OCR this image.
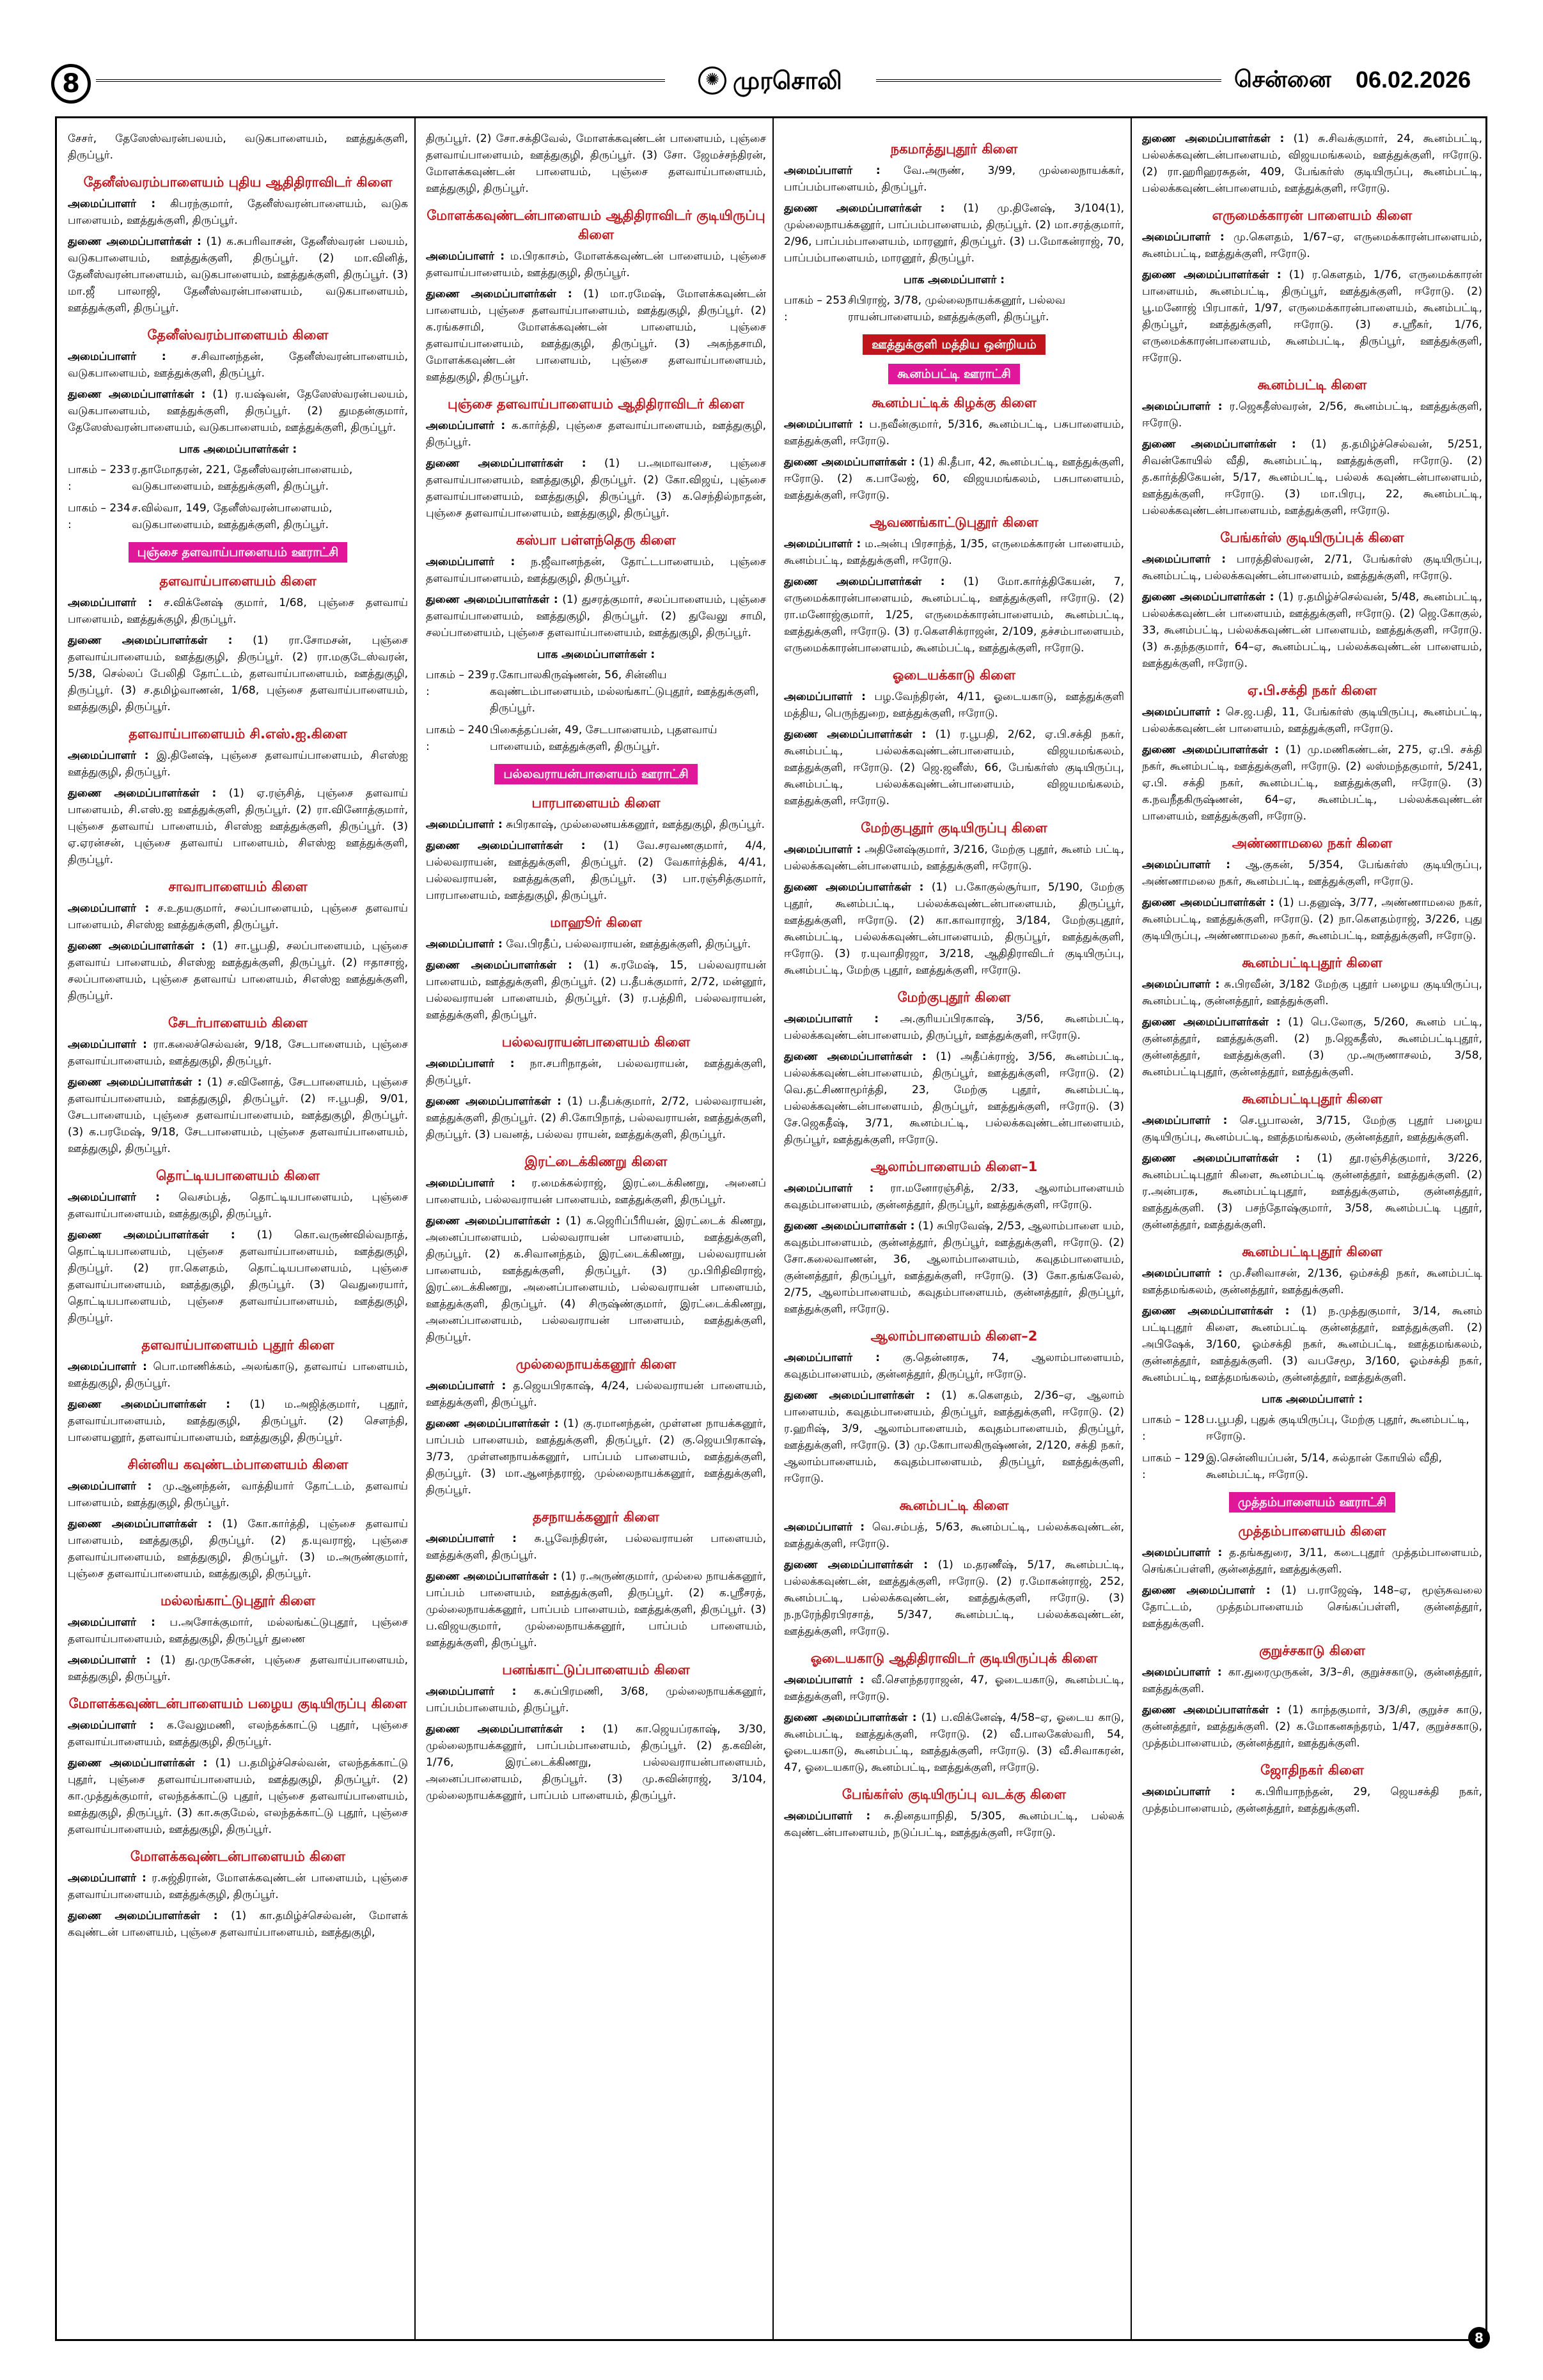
8	✺ முரசொலி	சென்னை 06.02.2026
சேசர், தேஸேஸ்வரன்பலயம், வடுகபாளையம், ஊத்துக்குளி, திருப்பூர்.
தேனீஸ்வரம்பாளையம் புதிய ஆதிதிராவிடர் கிளை
அமைப்பாளர் : கிபரந்குமார், தேனீஸ்வரன்பாளையம், வடுக பாளையம், ஊத்துக்குளி, திருப்பூர்.
துணை அமைப்பாளர்கள் : (1) க.சுபரிவாசன், தேனீஸ்வரன் பலயம், வடுகபாளையம், ஊத்துக்குளி, திருப்பூர். (2) மா.வினித், தேனீஸ்வரன்பாளையம், வடுகபாளையம், ஊத்துக்குளி, திருப்பூர். (3) மா.ஜீ பாலாஜி, தேனீஸ்வரன்பாளையம், வடுகபாளையம், ஊத்துக்குளி, திருப்பூர்.
தேனீஸ்வரம்பாளையம் கிளை
அமைப்பாளர் : ச.சிவானந்தன், தேனீஸ்வரன்பாளையம், வடுகபாளையம், ஊத்துக்குளி, திருப்பூர்.
துணை அமைப்பாளர்கள் : (1) ர.யஷ்வன், தேஸேஸ்வரன்பலயம், வடுகபாளையம், ஊத்துக்குளி, திருப்பூர். (2) துமதன்குமார், தேஸேஸ்வரன்பாளையம், வடுகபாளையம், ஊத்துக்குளி, திருப்பூர்.
பாக அமைப்பாளர்கள் :
பாகம் – 233 :
ர.தாமோதரன், 221, தேனீஸ்வரன்பாளையம், வடுகபாளையம், ஊத்துக்குளி, திருப்பூர்.
பாகம் – 234 :
ச.வில்வா, 149, தேனீஸ்வரன்பாளையம், வடுகபாளையம், ஊத்துக்குளி, திருப்பூர்.
புஞ்சை தளவாய்பாளையம் ஊராட்சி
தளவாய்பாளையம் கிளை
அமைப்பாளர் : ச.விக்னேஷ் குமார், 1/68, புஞ்சை தளவாய் பாளையம், ஊத்துக்குழி, திருப்பூர்.
துணை அமைப்பாளர்கள் : (1) ரா.சோமசன், புஞ்சை தளவாய்பாளையம், ஊத்துகுழி, திருப்பூர். (2) ரா.மகுடேஸ்வரன், 5/38, செல்லப் பேலிதி தோட்டம், தளவாய்பாளையம், ஊத்துகுழி, திருப்பூர். (3) ச.தமிழ்வாணன், 1/68, புஞ்சை தளவாய்பாளையம், ஊத்துகுழி, திருப்பூர்.
தளவாய்பாளையம் சி.எஸ்.ஐ.கிளை
அமைப்பாளர் : இ.தினேஷ், புஞ்சை தளவாய்பாளையம், சிஎஸ்ஐ ஊத்துகுழி, திருப்பூர்.
துணை அமைப்பாளர்கள் : (1) ஏ.ரஞ்சித், புஞ்சை தளவாய் பாளையம், சி.எஸ்.ஐ ஊத்துக்குளி, திருப்பூர். (2) ரா.வினோத்குமார், புஞ்சை தளவாய் பாளையம், சிஎஸ்ஐ ஊத்துக்குளி, திருப்பூர். (3) ஏ.ஏரன்சன், புஞ்சை தளவாய் பாளையம், சிஎஸ்ஐ ஊத்துக்குளி, திருப்பூர்.
சாவாபாளையம் கிளை
அமைப்பாளர் : ச.உதயகுமார், சலப்பாளையம், புஞ்சை தளவாய் பாளையம், சிஎஸ்ஐ ஊத்துக்குளி, திருப்பூர்.
துணை அமைப்பாளர்கள் : (1) சா.பூபதி, சலப்பாளையம், புஞ்சை தளவாய் பாளையம், சிஎஸ்ஐ ஊத்துக்குளி, திருப்பூர். (2) ஈதாசாஜ், சலப்பாளையம், புஞ்சை தளவாய் பாளையம், சிஎஸ்ஐ ஊத்துக்குளி, திருப்பூர்.
சேடர்பாளையம் கிளை
அமைப்பாளர் : ரா.கலைச்செல்வன், 9/18, சேடபாளையம், புஞ்சை தளவாய்பாளையம், ஊத்துகுழி, திருப்பூர்.
துணை அமைப்பாளர்கள் : (1) ச.வினோத், சேடபாளையம், புஞ்சை தளவாய்பாளையம், ஊத்துகுழி, திருப்பூர். (2) ஈ.பூபதி, 9/01, சேடபாளையம், புஞ்சை தளவாய்பாளையம், ஊத்துகுழி, திருப்பூர். (3) க.பரமேஷ், 9/18, சேடபாளையம், புஞ்சை தளவாய்பாளையம், ஊத்துகுழி, திருப்பூர்.
தொட்டியபாளையம் கிளை
அமைப்பாளர் : வெசம்பத், தொட்டியபாளையம், புஞ்சை தளவாய்பாளையம், ஊத்துகுழி, திருப்பூர்.
துணை அமைப்பாளர்கள் : (1) கொ.வருண்வில்வநாத், தொட்டியபாளையம், புஞ்சை தளவாய்பாளையம், ஊத்துகுழி, திருப்பூர். (2) ரா.கௌதம், தொட்டியபாளையம், புஞ்சை தளவாய்பாளையம், ஊத்துகுழி, திருப்பூர். (3) வெதுரையார், தொட்டியபாளையம், புஞ்சை தளவாய்பாளையம், ஊத்துகுழி, திருப்பூர்.
தளவாய்பாளையம் புதூர் கிளை
அமைப்பாளர் : பொ.மாணிக்கம், அலங்காடு, தளவாய் பாளையம், ஊத்துகுழி, திருப்பூர்.
துணை அமைப்பாளர்கள் : (1) ம.அஜித்குமார், புதூர், தளவாய்பாளையம், ஊத்துகுழி, திருப்பூர். (2) சௌந்தி, பாளையனூர், தளவாய்பாளையம், ஊத்துகுழி, திருப்பூர்.
சின்னிய கவுண்டம்பாளையம் கிளை
அமைப்பாளர் : மு.ஆனந்தன், வாத்தியார் தோட்டம், தளவாய் பாளையம், ஊத்துகுழி, திருப்பூர்.
துணை அமைப்பாளர்கள் : (1) கோ.கார்த்தி, புஞ்சை தளவாய் பாளையம், ஊத்துகுழி, திருப்பூர். (2) த.யுவராஜ், புஞ்சை தளவாய்பாளையம், ஊத்துகுழி, திருப்பூர். (3) ம.அருண்குமார், புஞ்சை தளவாய்பாளையம், ஊத்துகுழி, திருப்பூர்.
மல்லங்காட்டுபுதூர் கிளை
அமைப்பாளர் : ப.அசோக்குமார், மல்லங்கட்டுபுதூர், புஞ்சை தளவாய்பாளையம், ஊத்துகுழி, திருப்பூர் துணை
அமைப்பாளர் : (1) து.முருகேசன், புஞ்சை தளவாய்பாளையம், ஊத்துகுழி, திருப்பூர்.
மோளக்கவுண்டன்பாளையம் பழைய குடியிருப்பு கிளை
அமைப்பாளர் : க.வேலுமணி, எலந்தக்காட்டு புதூர், புஞ்சை தளவாய்பாளையம், ஊத்துகுழி, திருப்பூர்.
துணை அமைப்பாளர்கள் : (1) ப.தமிழ்ச்செல்வன், எலந்தக்காட்டு புதூர், புஞ்சை தளவாய்பாளையம், ஊத்துகுழி, திருப்பூர். (2) கா.முத்துக்குமார், எலந்தக்காட்டு புதூர், புஞ்சை தளவாய்பாளையம், ஊத்துகுழி, திருப்பூர். (3) கா.சுகுமேல், எலந்தக்காட்டு புதூர், புஞ்சை தளவாய்பாளையம், ஊத்துகுழி, திருப்பூர்.
மோளக்கவுண்டன்பாளையம் கிளை
அமைப்பாளர் : ர.சுஜ்திரான், மோளக்கவுண்டன் பாளையம், புஞ்சை தளவாய்பாளையம், ஊத்துக்குழி, திருப்பூர்.
துணை அமைப்பாளர்கள் : (1) கா.தமிழ்ச்செல்வன், மோளக் கவுண்டன் பாளையம், புஞ்சை தளவாய்பாளையம், ஊத்துகுழி,
திருப்பூர். (2) சோ.சக்திவேல், மோளக்கவுண்டன் பாளையம், புஞ்சை தளவாய்பாளையம், ஊத்துகுழி, திருப்பூர். (3) சோ. ஜேமச்சந்திரன், மோளக்கவுண்டன் பாளையம், புஞ்சை தளவாய்பாளையம், ஊத்துகுழி, திருப்பூர்.
மோளக்கவுண்டன்பாளையம் ஆதிதிராவிடர் குடியிருப்பு கிளை
அமைப்பாளர் : ம.பிரகாசம், மோளக்கவுண்டன் பாளையம், புஞ்சை தளவாய்பாளையம், ஊத்துகுழி, திருப்பூர்.
துணை அமைப்பாளர்கள் : (1) மா.ரமேஷ், மோளக்கவுண்டன் பாளையம், புஞ்சை தளவாய்பாளையம், ஊத்துகுழி, திருப்பூர். (2) க.ரங்கசாமி, மோளக்கவுண்டன் பாளையம், புஞ்சை தளவாய்பாளையம், ஊத்துகுழி, திருப்பூர். (3) அகந்தசாமி, மோளக்கவுண்டன் பாளையம், புஞ்சை தளவாய்பாளையம், ஊத்துகுழி, திருப்பூர்.
புஞ்சை தளவாய்பாளையம் ஆதிதிராவிடர் கிளை
அமைப்பாளர் : க.கார்த்தி, புஞ்சை தளவாய்பாளையம், ஊத்துகுழி, திருப்பூர்.
துணை அமைப்பாளர்கள் : (1) ப.அமாவாசை, புஞ்சை தளவாய்பாளையம், ஊத்துகுழி, திருப்பூர். (2) கோ.விஜய், புஞ்சை தளவாய்பாளையம், ஊத்துகுழி, திருப்பூர். (3) க.செந்தில்நாதன், புஞ்சை தளவாய்பாளையம், ஊத்துகுழி, திருப்பூர்.
கஸ்பா பள்ளந்தெரு கிளை
அமைப்பாளர் : ந.ஜீவானந்தன், தோட்டபாளையம், புஞ்சை தளவாய்பாளையம், ஊத்துகுழி, திருப்பூர்.
துணை அமைப்பாளர்கள் : (1) துசரத்குமார், சலப்பாளையம், புஞ்சை தளவாய்பாளையம், ஊத்துகுழி, திருப்பூர். (2) துவேலு சாமி, சலப்பாளையம், புஞ்சை தளவாய்பாளையம், ஊத்துகுழி, திருப்பூர்.
பாக அமைப்பாளர்கள் :
பாகம் – 239 :
ர.கோபாலகிருஷ்ணன், 56, சின்னிய கவுண்டம்பாளையம், மல்லங்காட்டுபுதூர், ஊத்துக்குளி, திருப்பூர்.
பாகம் – 240 :
பிகைத்தப்பன், 49, சேடபாளையம், புதளவாய் பாளையம், ஊத்துக்குளி, திருப்பூர்.
பல்லவராயன்பாளையம் ஊராட்சி
பாரபாளையம் கிளை
அமைப்பாளர் : சுபிரகாஷ், முல்லைனயக்கனூர், ஊத்துகுழி, திருப்பூர்.
துணை அமைப்பாளர்கள் : (1) வே.சரவணகுமார், 4/4, பல்லவராயன், ஊத்துக்குளி, திருப்பூர். (2) வேகார்த்திக், 4/41, பல்லவராயன், ஊத்துக்குளி, திருப்பூர். (3) பா.ரஞ்சித்குமார், பாரபாளையம், ஊத்துகுழி, திருப்பூர்.
மாஹூர் கிளை
அமைப்பாளர் : வே.பிரதீப், பல்லவராயன், ஊத்துக்குளி, திருப்பூர்.
துணை அமைப்பாளர்கள் : (1) சு.ரமேஷ், 15, பல்லவராயன் பாளையம், ஊத்துக்குளி, திருப்பூர். (2) ப.தீபக்குமார், 2/72, மன்னூர், பல்லவராயன் பாளையம், திருப்பூர். (3) ர.பத்திரி, பல்லவராயன், ஊத்துக்குளி, திருப்பூர்.
பல்லவராயன்பாளையம் கிளை
அமைப்பாளர் : நா.சபரிநாதன், பல்லவராயன், ஊத்துக்குளி, திருப்பூர்.
துணை அமைப்பாளர்கள் : (1) ப.தீபக்குமார், 2/72, பல்லவராயன், ஊத்துக்குளி, திருப்பூர். (2) சி.கோபிநாத், பல்லவராயன், ஊத்துக்குளி, திருப்பூர். (3) பவனத், பல்லவ ராயன், ஊத்துக்குளி, திருப்பூர்.
இரட்டைக்கிணறு கிளை
அமைப்பாளர் : ர.மைக்கல்ராஜ், இரட்டைக்கிணறு, அனைப் பாளையம், பல்லவராயன் பாளையம், ஊத்துக்குளி, திருப்பூர்.
துணை அமைப்பாளர்கள் : (1) க.ஜெரிப்பீரியன், இரட்டைக் கிணறு, அனைப்பாளையம், பல்லவராயன் பாளையம், ஊத்துக்குளி, திருப்பூர். (2) க.சிவானந்தம், இரட்டைக்கிணறு, பல்லவராயன் பாளையம், ஊத்துக்குளி, திருப்பூர். (3) மு.பிரிதிவிராஜ், இரட்டைக்கிணறு, அனைப்பாளையம், பல்லவராயன் பாளையம், ஊத்துக்குளி, திருப்பூர். (4) சிருஷ்ண்குமார், இரட்டைக்கிணறு, அனைப்பாளையம், பல்லவராயன் பாளையம், ஊத்துக்குளி, திருப்பூர்.
முல்லைநாயக்கனூர் கிளை
அமைப்பாளர் : த.ஜெயபிரகாஷ், 4/24, பல்லவராயன் பாளையம், ஊத்துக்குளி, திருப்பூர்.
துணை அமைப்பாளர்கள் : (1) கு.ரமானந்தன், முள்ளன நாயக்கனூர், பாப்பம் பாளையம், ஊத்துக்குளி, திருப்பூர். (2) கு.ஜெயபிரகாஷ், 3/73, முள்ளனநாயக்கனூர், பாப்பம் பாளையம், ஊத்துக்குளி, திருப்பூர். (3) மா.ஆனந்தராஜ், முல்லைநாயக்கனூர், ஊத்துக்குளி, திருப்பூர்.
தசநாயக்கனூர் கிளை
அமைப்பாளர் : சு.பூவேந்திரன், பல்லவராயன் பாளையம், ஊத்துக்குளி, திருப்பூர்.
துணை அமைப்பாளர்கள் : (1) ர.அருண்குமார், முல்லை நாயக்கனூர், பாப்பம் பாளையம், ஊத்துக்குளி, திருப்பூர். (2) க.ஸ்ரீசரத், முல்லைநாயக்கனூர், பாப்பம் பாளையம், ஊத்துக்குளி, திருப்பூர். (3) ப.விஜயகுமார், முல்லைநாயக்கனூர், பாப்பம் பாளையம், ஊத்துக்குளி, திருப்பூர்.
பனங்காட்டுப்பாளையம் கிளை
அமைப்பாளர் : க.சுப்பிரமணி, 3/68, முல்லைநாயக்கனூர், பாப்பம்பாளையம், திருப்பூர்.
துணை அமைப்பாளர்கள் : (1) கா.ஜெயப்ரகாஷ், 3/30, முல்லைநாயக்கனூர், பாப்பம்பாளையம், திருப்பூர். (2) த.கவின், 1/76, இரட்டைக்கிணறு, பல்லவராயன்பாளையம், அனைப்பாளையம், திருப்பூர். (3) மு.சுவின்ராஜ், 3/104, முல்லைநாயக்கனூர், பாப்பம் பாளையம், திருப்பூர்.
நகமாத்துபுதூர் கிளை
அமைப்பாளர் : வே.அருண், 3/99, முல்லைநாயக்கர், பாப்பம்பாளையம், திருப்பூர்.
துணை அமைப்பாளர்கள் : (1) மு.தினேஷ், 3/104(1), முல்லைநாயக்கனூர், பாப்பம்பாளையம், திருப்பூர். (2) மா.சரத்குமார், 2/96, பாப்பம்பாளையம், மாரனூர், திருப்பூர். (3) ப.மோகன்ராஜ், 70, பாப்பம்பாளையம், மாரனூர், திருப்பூர்.
பாக அமைப்பாளர் :
பாகம் – 253 :
சிபிராஜ், 3/78, முல்லைநாயக்கனூர், பல்லவ ராயன்பாளையம், ஊத்துக்குளி, திருப்பூர்.
ஊத்துக்குளி மத்திய ஒன்றியம்
கூனம்பட்டி ஊராட்சி
கூனம்பட்டிக் கிழக்கு கிளை
அமைப்பாளர் : ப.நவீன்குமார், 5/316, கூனம்பட்டி, பசுபாளையம், ஊத்துக்குளி, ஈரோடு.
துணை அமைப்பாளர்கள் : (1) கி.தீபா, 42, கூனம்பட்டி, ஊத்துக்குளி, ஈரோடு. (2) க.பாலேஜ், 60, விஜயமங்கலம், பசுபாளையம், ஊத்துக்குளி, ஈரோடு.
ஆவணங்காட்டுபுதூர் கிளை
அமைப்பாளர் : ம.அன்பு பிரசாந்த், 1/35, எருமைக்காரன் பாளையம், கூனம்பட்டி, ஊத்துக்குளி, ஈரோடு.
துணை அமைப்பாளர்கள் : (1) மோ.கார்த்திகேயன், 7, எருமைக்காரன்பாளையம், கூனம்பட்டி, ஊத்துக்குளி, ஈரோடு. (2) ரா.மனோஜ்குமார், 1/25, எருமைக்காரன்பாளையம், கூனம்பட்டி, ஊத்துக்குளி, ஈரோடு. (3) ர.கௌசிக்ராஜன், 2/109, தச்சம்பாளையம், எருமைக்காரன்பாளையம், கூனம்பட்டி, ஊத்துக்குளி, ஈரோடு.
ஓடையக்காடு கிளை
அமைப்பாளர் : பழ.வேந்திரன், 4/11, ஓடையகாடு, ஊத்துக்குளி மத்திய, பெருந்துறை, ஊத்துக்குளி, ஈரோடு.
துணை அமைப்பாளர்கள் : (1) ர.பூபதி, 2/62, ஏ.பி.சக்தி நகர், கூனம்பட்டி, பல்லக்கவுண்டன்பாளையம், விஜயமங்கலம், ஊத்துக்குளி, ஈரோடு. (2) ஜெ.ஜனீஸ், 66, பேங்கர்ஸ் குடியிருப்பு, கூனம்பட்டி, பல்லக்கவுண்டன்பாளையம், விஜயமங்கலம், ஊத்துக்குளி, ஈரோடு.
மேற்குபுதூர் குடியிருப்பு கிளை
அமைப்பாளர் : அதினேஷ்குமார், 3/216, மேற்கு புதூர், கூனம் பட்டி, பல்லக்கவுண்டன்பாளையம், ஊத்துக்குளி, ஈரோடு.
துணை அமைப்பாளர்கள் : (1) ப.கோகுல்சூர்யா, 5/190, மேற்கு புதூர், கூனம்பட்டி, பல்லக்கவுண்டன்பாளையம், திருப்பூர், ஊத்துக்குளி, ஈரோடு. (2) கா.காவாராஜ், 3/184, மேற்குபுதூர், கூனம்பட்டி, பல்லக்கவுண்டன்பாளையம், திருப்பூர், ஊத்துக்குளி, ஈரோடு. (3) ர.யுவாதிரஜா, 3/218, ஆதிதிராவிடர் குடியிருப்பு, கூனம்பட்டி, மேற்கு புதூர், ஊத்துக்குளி, ஈரோடு.
மேற்குபுதூர் கிளை
அமைப்பாளர் : அ.குரியப்பிரகாஷ், 3/56, கூனம்பட்டி, பல்லக்கவுண்டன்பாளையம், திருப்பூர், ஊத்துக்குளி, ஈரோடு.
துணை அமைப்பாளர்கள் : (1) அதீப்க்ராஜ், 3/56, கூனம்பட்டி, பல்லக்கவுண்டன்பாளையம், திருப்பூர், ஊத்துக்குளி, ஈரோடு. (2) வெ.தட்சிணாமூர்த்தி, 23, மேற்கு புதூர், கூனம்பட்டி, பல்லக்கவுண்டன்பாளையம், திருப்பூர், ஊத்துக்குளி, ஈரோடு. (3) சே.ஜெகதீஷ், 3/71, கூனம்பட்டி, பல்லக்கவுண்டன்பாளையம், திருப்பூர், ஊத்துக்குளி, ஈரோடு.
ஆலாம்பாளையம் கிளை–1
அமைப்பாளர் : ரா.மனோரஞ்சித், 2/33, ஆலாம்பாளையம் கவுதம்பாளையம், குன்னத்தூர், திருப்பூர், ஊத்துக்குளி, ஈரோடு.
துணை அமைப்பாளர்கள் : (1) சுபிரவேஷ், 2/53, ஆலாம்பாளை யம், கவுதம்பாளையம், குன்னத்தூர், திருப்பூர், ஊத்துக்குளி, ஈரோடு. (2) சோ.கலைவாணன், 36, ஆலாம்பாளையம், கவுதம்பாளையம், குன்னத்தூர், திருப்பூர், ஊத்துக்குளி, ஈரோடு. (3) கோ.தங்கவேல், 2/75, ஆலாம்பாளையம், கவுதம்பாளையம், குன்னத்தூர், திருப்பூர், ஊத்துக்குளி, ஈரோடு.
ஆலாம்பாளையம் கிளை–2
அமைப்பாளர் : கு.தென்னரசு, 74, ஆலாம்பாளையம், கவுதம்பாளையம், குன்னத்தூர், திருப்பூர், ஈரோடு.
துணை அமைப்பாளர்கள் : (1) க.கௌதம், 2/36–ஏ, ஆலாம் பாளையம், கவுதம்பாளையம், திருப்பூர், ஊத்துக்குளி, ஈரோடு. (2) ர.ஹரிஷ், 3/9, ஆலாம்பாளையம், கவுதம்பாளையம், திருப்பூர், ஊத்துக்குளி, ஈரோடு. (3) மு.கோபாலகிருஷ்ணன், 2/120, சக்தி நகர், ஆலாம்பாளையம், கவுதம்பாளையம், திருப்பூர், ஊத்துக்குளி, ஈரோடு.
கூனம்பட்டி கிளை
அமைப்பாளர் : வெ.சம்பத், 5/63, கூனம்பட்டி, பல்லக்கவுண்டன், ஊத்துக்குளி, ஈரோடு.
துணை அமைப்பாளர்கள் : (1) ம.தரணீஷ், 5/17, கூனம்பட்டி, பல்லக்கவுண்டன், ஊத்துக்குளி, ஈரோடு. (2) ர.மோகன்ராஜ், 252, கூனம்பட்டி, பல்லக்கவுண்டன், ஊத்துக்குளி, ஈரோடு. (3) ந.நரேந்திரபிரசாத், 5/347, கூனம்பட்டி, பல்லக்கவுண்டன், ஊத்துக்குளி, ஈரோடு.
ஓடையகாடு ஆதிதிராவிடர் குடியிருப்புக் கிளை
அமைப்பாளர் : வீ.செளந்தரராஜன், 47, ஓடையகாடு, கூனம்பட்டி, ஊத்துக்குளி, ஈரோடு.
துணை அமைப்பாளர்கள் : (1) ப.விக்னேஷ், 4/58–ஏ, ஓடைய காடு, கூனம்பட்டி, ஊத்துக்குளி, ஈரோடு. (2) வீ.பாலகேஸ்வரி, 54, ஓடையகாடு, கூனம்பட்டி, ஊத்துக்குளி, ஈரோடு. (3) வீ.சிவாகரன், 47, ஓடையகாடு, கூனம்பட்டி, ஊத்துக்குளி, ஈரோடு.
பேங்கர்ஸ் குடியிருப்பு வடக்கு கிளை
அமைப்பாளர் : சு.தினதயாநிதி, 5/305, கூனம்பட்டி, பல்லக் கவுண்டன்பாளையம், நடுப்பட்டி, ஊத்துக்குளி, ஈரோடு.
துணை அமைப்பாளர்கள் : (1) சு.சிவக்குமார், 24, கூனம்பட்டி, பல்லக்கவுண்டன்பாளையம், விஜயமங்கலம், ஊத்துக்குளி, ஈரோடு. (2) ரா.ஹரிஹரசுதன், 409, பேங்கர்ஸ் குடியிருப்பு, கூனம்பட்டி, பல்லக்கவுண்டன்பாளையம், ஊத்துக்குளி, ஈரோடு.
எருமைக்காரன் பாளையம் கிளை
அமைப்பாளர் : மு.கௌதம், 1/67–ஏ, எருமைக்காரன்பாளையம், கூனம்பட்டி, ஊத்துக்குளி, ஈரோடு.
துணை அமைப்பாளர்கள் : (1) ர.கௌதம், 1/76, எருமைக்காரன் பாளையம், கூனம்பட்டி, திருப்பூர், ஊத்துக்குளி, ஈரோடு. (2) பூ.மனோஜ் பிரபாகர், 1/97, எருமைக்காரன்பாளையம், கூனம்பட்டி, திருப்பூர், ஊத்துக்குளி, ஈரோடு. (3) ச.ஸ்ரீகர், 1/76, எருமைக்காரன்பாளையம், கூனம்பட்டி, திருப்பூர், ஊத்துக்குளி, ஈரோடு.
கூனம்பட்டி கிளை
அமைப்பாளர் : ர.ஜெகதீஸ்வரன், 2/56, கூனம்பட்டி, ஊத்துக்குளி, ஈரோடு.
துணை அமைப்பாளர்கள் : (1) த.தமிழ்ச்செல்வன், 5/251, சிவன்கோயில் வீதி, கூனம்பட்டி, ஊத்துக்குளி, ஈரோடு. (2) த.கார்த்திகேயன், 5/17, கூனம்பட்டி, பல்லக் கவுண்டன்பாளையம், ஊத்துக்குளி, ஈரோடு. (3) மா.பிரபு, 22, கூனம்பட்டி, பல்லக்கவுண்டன்பாளையம், ஊத்துக்குளி, ஈரோடு.
பேங்கர்ஸ் குடியிருப்புக் கிளை
அமைப்பாளர் : பாரத்திஸ்வரன், 2/71, பேங்கர்ஸ் குடியிருப்பு, கூனம்பட்டி, பல்லக்கவுண்டன்பாளையம், ஊத்துக்குளி, ஈரோடு.
துணை அமைப்பாளர்கள் : (1) ர.தமிழ்ச்செல்வன், 5/48, கூனம்பட்டி, பல்லக்கவுண்டன் பாளையம், ஊத்துக்குளி, ஈரோடு. (2) ஜெ.கோகுல், 33, கூனம்பட்டி, பல்லக்கவுண்டன் பாளையம், ஊத்துக்குளி, ஈரோடு. (3) சு.தந்தகுமார், 64–ஏ, கூனம்பட்டி, பல்லக்கவுண்டன் பாளையம், ஊத்துக்குளி, ஈரோடு.
ஏ.பி.சக்தி நகர் கிளை
அமைப்பாளர் : செ.ஜ.பதி, 11, பேங்கர்ஸ் குடியிருப்பு, கூனம்பட்டி, பல்லக்கவுண்டன் பாளையம், ஊத்துக்குளி, ஈரோடு.
துணை அமைப்பாளர்கள் : (1) மு.மணிகண்டன், 275, ஏ.பி. சக்தி நகர், கூனம்பட்டி, ஊத்துக்குளி, ஈரோடு. (2) லஸ்மந்தகுமார், 5/241, ஏ.பி. சக்தி நகர், கூனம்பட்டி, ஊத்துக்குளி, ஈரோடு. (3) க.நவநீதகிருஷ்ணன், 64–ஏ, கூனம்பட்டி, பல்லக்கவுண்டன் பாளையம், ஊத்துக்குளி, ஈரோடு.
அண்ணாமலை நகர் கிளை
அமைப்பாளர் : ஆ.குகன், 5/354, பேங்கர்ஸ் குடியிருப்பு, அண்ணாமலை நகர், கூனம்பட்டி, ஊத்துக்குளி, ஈரோடு.
துணை அமைப்பாளர்கள் : (1) ப.தனுஷ், 3/77, அண்ணாமலை நகர், கூனம்பட்டி, ஊத்துக்குளி, ஈரோடு. (2) நா.கௌதம்ராஜ், 3/226, புது குடியிருப்பு, அண்ணாமலை நகர், கூனம்பட்டி, ஊத்துக்குளி, ஈரோடு.
கூனம்பட்டிபுதூர் கிளை
அமைப்பாளர் : சு.பிரவீன், 3/182 மேற்கு புதூர் பழைய குடியிருப்பு, கூனம்பட்டி, குன்னத்தூர், ஊத்துக்குளி.
துணை அமைப்பாளர்கள் : (1) பெ.லோகு, 5/260, கூனம் பட்டி, குன்னத்தூர், ஊத்துக்குளி. (2) ந.ஜெகதீஸ், கூனம்பட்டிபுதூர், குன்னத்தூர், ஊத்துக்குளி. (3) மு.அருணாசலம், 3/58, கூனம்பட்டிபுதூர், குன்னத்தூர், ஊத்துக்குளி.
கூனம்பட்டிபுதூர் கிளை
அமைப்பாளர் : செ.பூபாலன், 3/715, மேற்கு புதூர் பழைய குடியிருப்பு, கூனம்பட்டி, ஊத்தமங்கலம், குன்னத்தூர், ஊத்துக்குளி.
துணை அமைப்பாளர்கள் : (1) தூ.ரஞ்சித்குமார், 3/226, கூனம்பட்டிபுதூர் கிளை, கூனம்பட்டி குன்னத்தூர், ஊத்துக்குளி. (2) ர.அன்பரசு, கூனம்பட்டிபுதூர், ஊத்துக்குளம், குன்னத்தூர், ஊத்துக்குளி. (3) பசந்தோஷ்குமார், 3/58, கூனம்பட்டி புதூர், குன்னத்தூர், ஊத்துக்குளி.
கூனம்பட்டிபுதூர் கிளை
அமைப்பாளர் : மு.சீனிவாசன், 2/136, ஒம்சக்தி நகர், கூனம்பட்டி ஊத்தமங்கலம், குன்னத்தூர், ஊத்துக்குளி.
துணை அமைப்பாளர்கள் : (1) ந.முத்துகுமார், 3/14, கூனம் பட்டிபுதூர் கிளை, கூனம்பட்டி குன்னத்தூர், ஊத்துக்குளி. (2) அபிஷேக், 3/160, ஓம்சக்தி நகர், கூனம்பட்டி, ஊத்தமங்கலம், குன்னத்தூர், ஊத்துக்குளி. (3) வபசேமூ, 3/160, ஓம்சக்தி நகர், கூனம்பட்டி, ஊத்தமங்கலம், குன்னத்தூர், ஊத்துக்குளி.
பாக அமைப்பாளர் :
பாகம் – 128 :
ப.பூபதி, புதுக் குடியிருப்பு, மேற்கு புதூர், கூனம்பட்டி, ஈரோடு.
பாகம் – 129 :
இ.சென்னியப்பன், 5/14, சுல்தான் கோயில் வீதி, கூனம்பட்டி, ஈரோடு.
முத்தம்பாளையம் ஊராட்சி
முத்தம்பாளையம் கிளை
அமைப்பாளர் : த.தங்கதுரை, 3/11, கடைபுதூர் முத்தம்பாளையம், செங்கப்பள்ளி, குன்னத்தூர், ஊத்துக்குளி.
துணை அமைப்பாளர் : (1) ப.ராஜேஷ், 148–ஏ, மூஞ்சுவலை தோட்டம், முத்தம்பாளையம் செங்கப்பள்ளி, குன்னத்தூர், ஊத்துக்குளி.
குறுச்சகாடு கிளை
அமைப்பாளர் : கா.துரைமுருகன், 3/3–சி, குறுச்சகாடு, குன்னத்தூர், ஊத்துக்குளி.
துணை அமைப்பாளர்கள் : (1) காந்தகுமார், 3/3/சி, குறுச்ச காடு, குன்னத்தூர், ஊத்துக்குளி. (2) க.மோகனசுந்தரம், 1/47, குறுச்சகாடு, முத்தம்பாளையம், குன்னத்தூர், ஊத்துக்குளி.
ஜோதிநகர் கிளை
அமைப்பாளர் : க.பிரியாநந்தன், 29, ஜெயசக்தி நகர், முத்தம்பாளையம், குன்னத்தூர், ஊத்துக்குளி.
8
